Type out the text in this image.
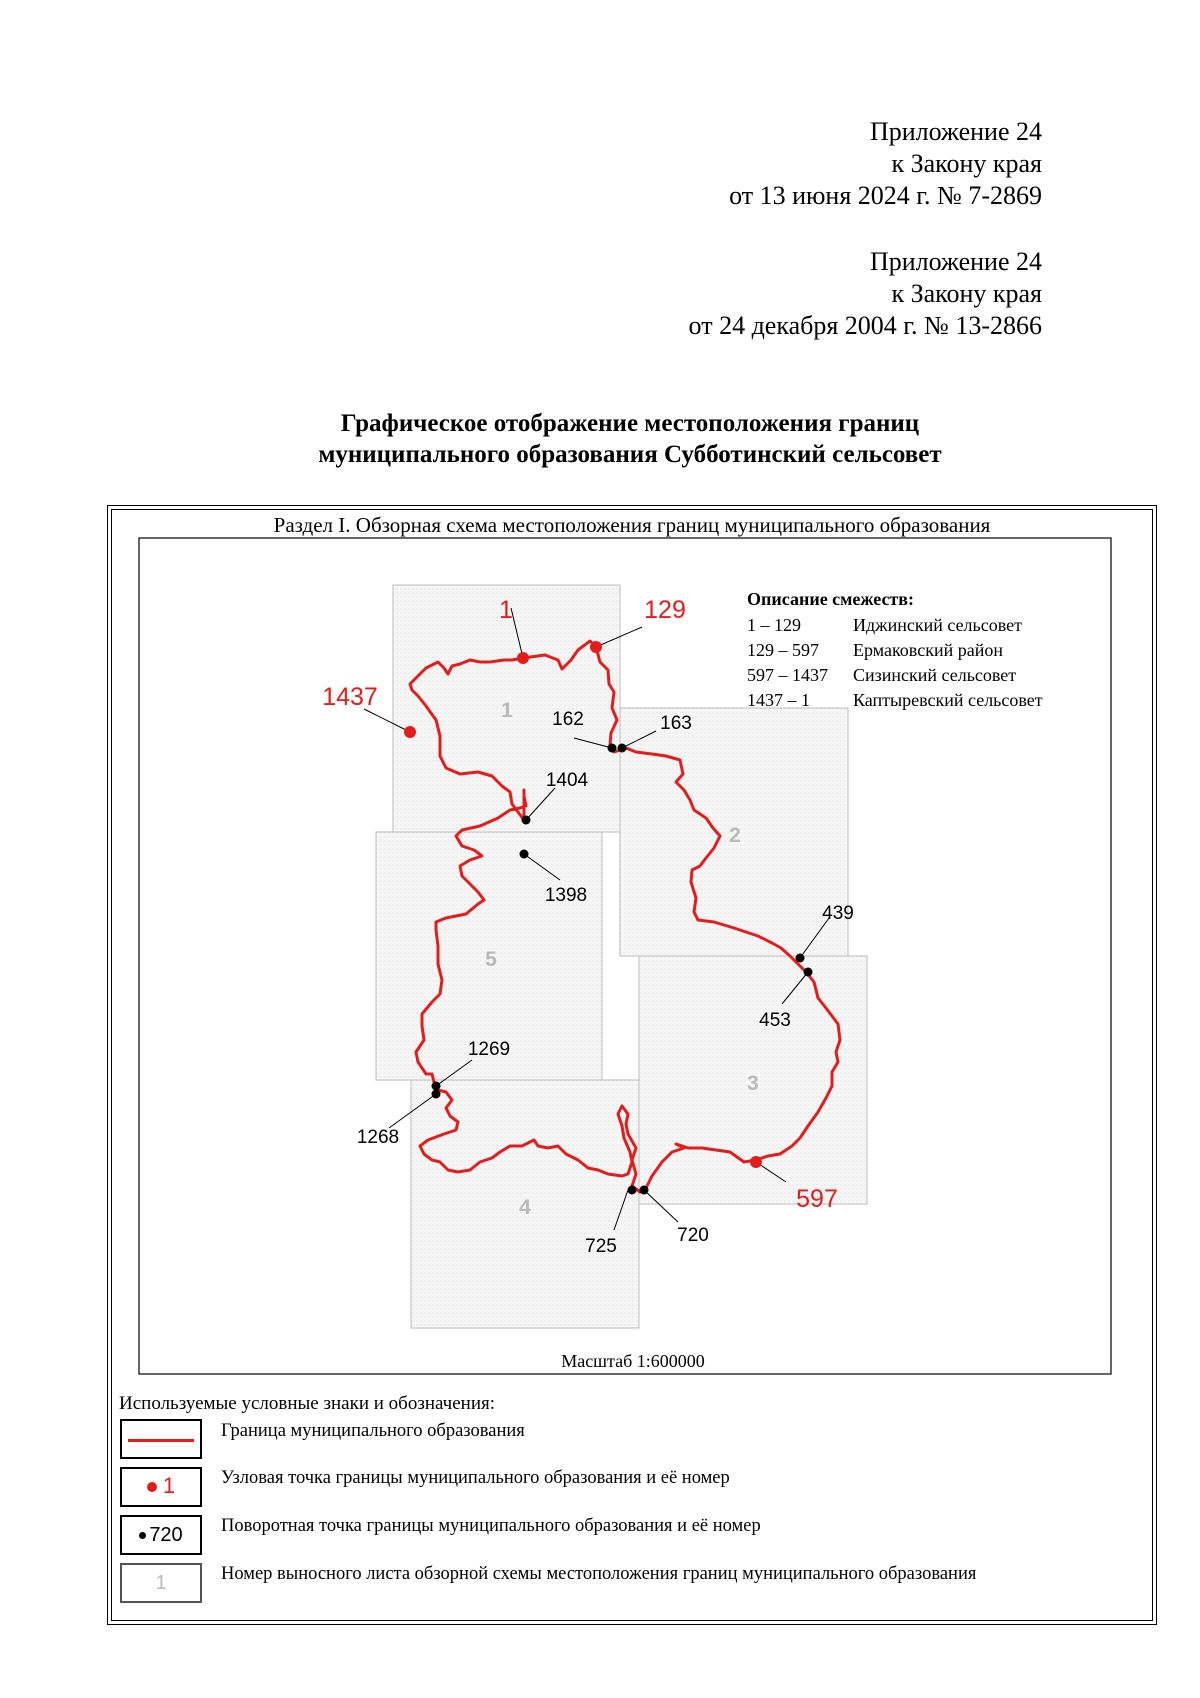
Приложение 24
к Закону края
от 13 июня 2024 г. № 7-2869
Приложение 24
к Закону края
от 24 декабря 2004 г. № 13-2866
Графическое отображение местоположения границ
муниципального образования Субботинский сельсовет
Раздел I. Обзорная схема местоположения границ муниципального образования
1
2
3
4
5
1	129
597
1437
162	163
1404
1398
439
453
1269
1268
725
720
Описание смежеств:
1 – 129	Иджинский сельсовет
129 – 597 Ермаковский район
597 – 1437 Сизинский сельсовет
1437 – 1 Каптыревский сельсовет
Масштаб 1:600000
Используемые условные знаки и обозначения:
Граница муниципального образования
1	Узловая точка границы муниципального образования и её номер
720	Поворотная точка границы муниципального образования и её номер
1	Номер выносного листа обзорной схемы местоположения границ муниципального образования
